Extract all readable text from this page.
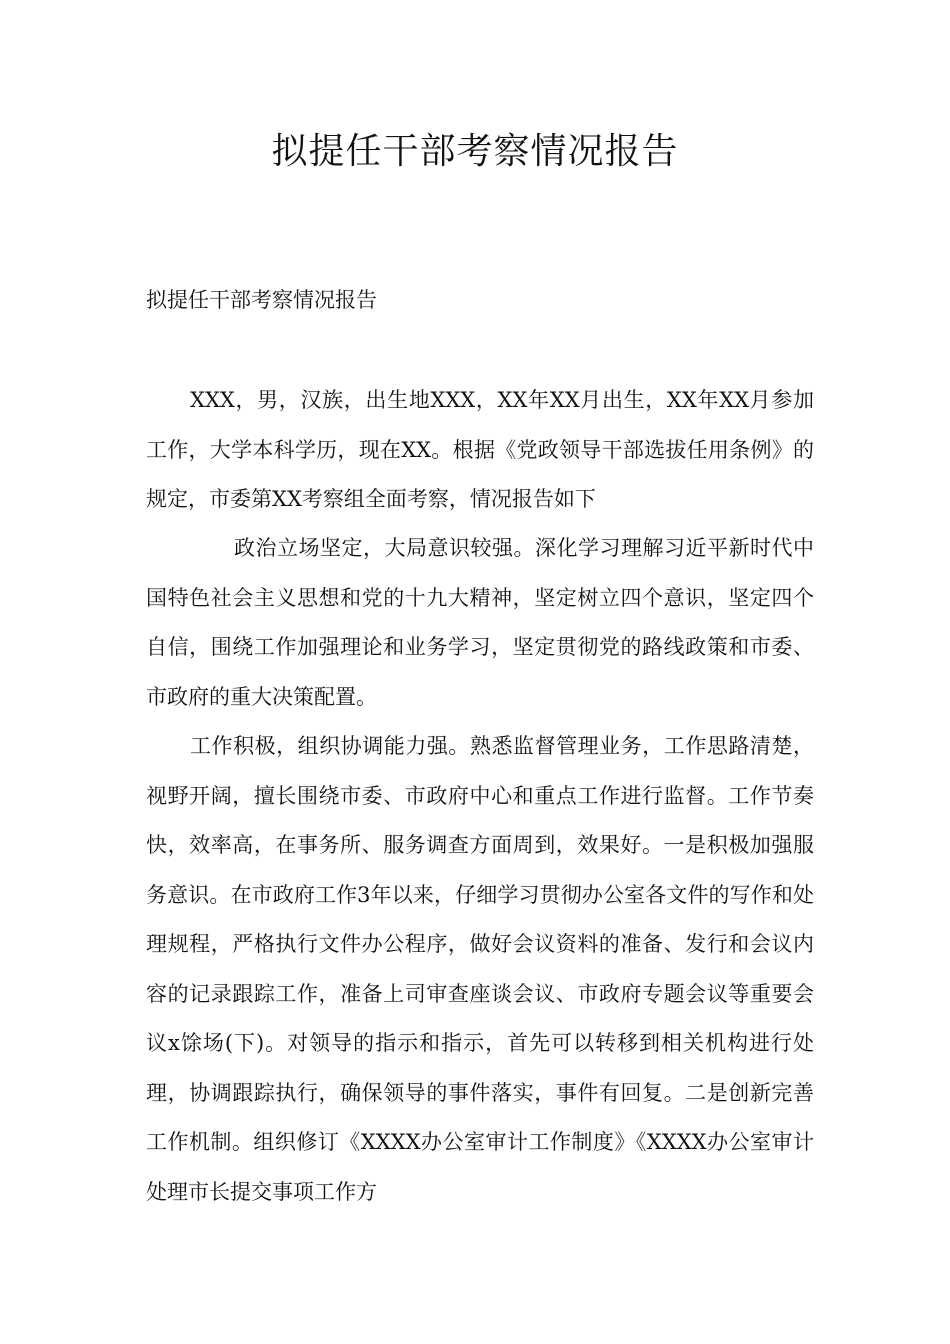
拟提任干部考察情况报告

拟提任干部考察情况报告

XXX，男，汉族，出生地XXX，XX年XX月出生，XX年XX月参加工作，大学本科学历，现在XX。根据《党政领导干部选拔任用条例》的规定，市委第XX考察组全面考察，情况报告如下

政治立场坚定，大局意识较强。深化学习理解习近平新时代中国特色社会主义思想和党的十九大精神，坚定树立四个意识，坚定四个自信，围绕工作加强理论和业务学习，坚定贯彻党的路线政策和市委、市政府的重大决策配置。

工作积极，组织协调能力强。熟悉监督管理业务，工作思路清楚，视野开阔，擅长围绕市委、市政府中心和重点工作进行监督。工作节奏快，效率高，在事务所、服务调查方面周到，效果好。一是积极加强服务意识。在市政府工作3年以来，仔细学习贯彻办公室各文件的写作和处理规程，严格执行文件办公程序，做好会议资料的准备、发行和会议内容的记录跟踪工作，准备上司审查座谈会议、市政府专题会议等重要会议x馀场(下)。对领导的指示和指示，首先可以转移到相关机构进行处理，协调跟踪执行，确保领导的事件落实，事件有回复。二是创新完善工作机制。组织修订《XXXX办公室审计工作制度》《XXXX办公室审计处理市长提交事项工作方
